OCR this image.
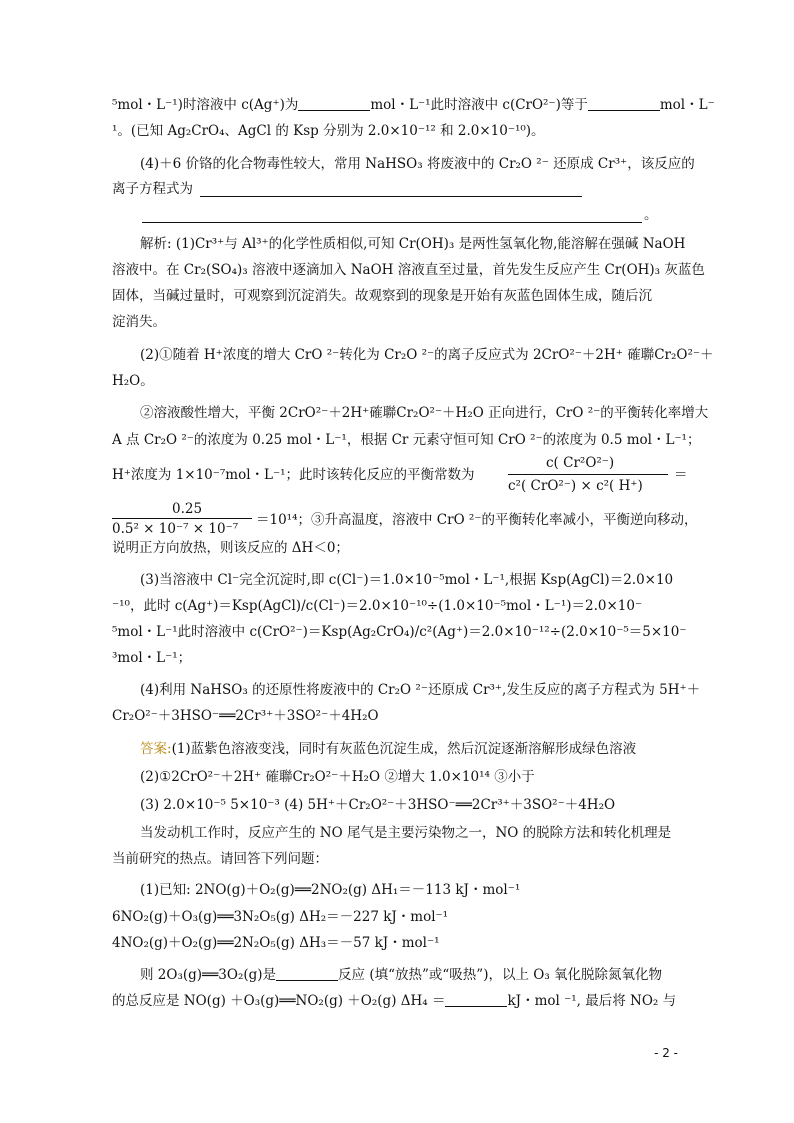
⁵mol・L⁻¹)时溶液中 c(Ag⁺)为	mol・L⁻¹此时溶液中 c(CrO²⁻)等于	mol・L⁻
¹。(已知 Ag₂CrO₄、AgCl 的 Ksp 分别为 2.0×10⁻¹² 和 2.0×10⁻¹⁰)。
(4)＋6 价铬的化合物毒性较大，常用 NaHSO₃ 将废液中的 Cr₂O ²⁻ 还原成 Cr³⁺，该反应的
离子方程式为
。
解析: (1)Cr³⁺与 Al³⁺的化学性质相似,可知 Cr(OH)₃ 是两性氢氧化物,能溶解在强碱 NaOH
溶液中。在 Cr₂(SO₄)₃ 溶液中逐滴加入 NaOH 溶液直至过量，首先发生反应产生 Cr(OH)₃ 灰蓝色
固体，当碱过量时，可观察到沉淀消失。故观察到的现象是开始有灰蓝色固体生成，随后沉
淀消失。
(2)①随着 H⁺浓度的增大 CrO ²⁻转化为 Cr₂O ²⁻的离子反应式为 2CrO²⁻＋2H⁺ 確聯Cr₂O²⁻＋
H₂O。
②溶液酸性增大，平衡 2CrO²⁻＋2H⁺確聯Cr₂O²⁻＋H₂O 正向进行，CrO ²⁻的平衡转化率增大
A 点 Cr₂O ²⁻的浓度为 0.25 mol・L⁻¹，根据 Cr 元素守恒可知 CrO ²⁻的浓度为 0.5 mol・L⁻¹；
H⁺浓度为 1×10⁻⁷mol・L⁻¹；此时该转化反应的平衡常数为
c( Cr²O²⁻)
c²( CrO²⁻) × c²( H⁺)
＝
0.25
0.5² × 10⁻⁷ × 10⁻⁷
＝10¹⁴；③升高温度，溶液中 CrO ²⁻的平衡转化率减小，平衡逆向移动，
说明正方向放热，则该反应的 ΔH＜0；
(3)当溶液中 Cl⁻完全沉淀时,即 c(Cl⁻)＝1.0×10⁻⁵mol・L⁻¹,根据 Ksp(AgCl)＝2.0×10
⁻¹⁰，此时 c(Ag⁺)＝Ksp(AgCl)/c(Cl⁻)＝2.0×10⁻¹⁰÷(1.0×10⁻⁵mol・L⁻¹)＝2.0×10⁻
⁵mol・L⁻¹此时溶液中 c(CrO²⁻)＝Ksp(Ag₂CrO₄)/c²(Ag⁺)＝2.0×10⁻¹²÷(2.0×10⁻⁵＝5×10⁻
³mol・L⁻¹；
(4)利用 NaHSO₃ 的还原性将废液中的 Cr₂O ²⁻还原成 Cr³⁺,发生反应的离子方程式为 5H⁺＋
Cr₂O²⁻＋3HSO⁻══2Cr³⁺＋3SO²⁻＋4H₂O
答案:(1)蓝紫色溶液变浅，同时有灰蓝色沉淀生成，然后沉淀逐渐溶解形成绿色溶液
(2)①2CrO²⁻＋2H⁺ 確聯Cr₂O²⁻＋H₂O ②增大 1.0×10¹⁴ ③小于
(3) 2.0×10⁻⁵ 5×10⁻³ (4) 5H⁺＋Cr₂O²⁻＋3HSO⁻══2Cr³⁺＋3SO²⁻＋4H₂O
当发动机工作时，反应产生的 NO 尾气是主要污染物之一，NO 的脱除方法和转化机理是
当前研究的热点。请回答下列问题：
(1)已知: 2NO(g)＋O₂(g)══2NO₂(g) ΔH₁＝－113 kJ・mol⁻¹
6NO₂(g)＋O₃(g)══3N₂O₅(g) ΔH₂＝－227 kJ・mol⁻¹
4NO₂(g)＋O₂(g)══2N₂O₅(g) ΔH₃＝－57 kJ・mol⁻¹
则 2O₃(g)══3O₂(g)是	反应 (填“放热”或“吸热”)，以上 O₃ 氧化脱除氮氧化物
的总反应是 NO(g) ＋O₃(g)══NO₂(g) ＋O₂(g) ΔH₄ ＝	kJ・mol ⁻¹, 最后将 NO₂ 与
- 2 -
